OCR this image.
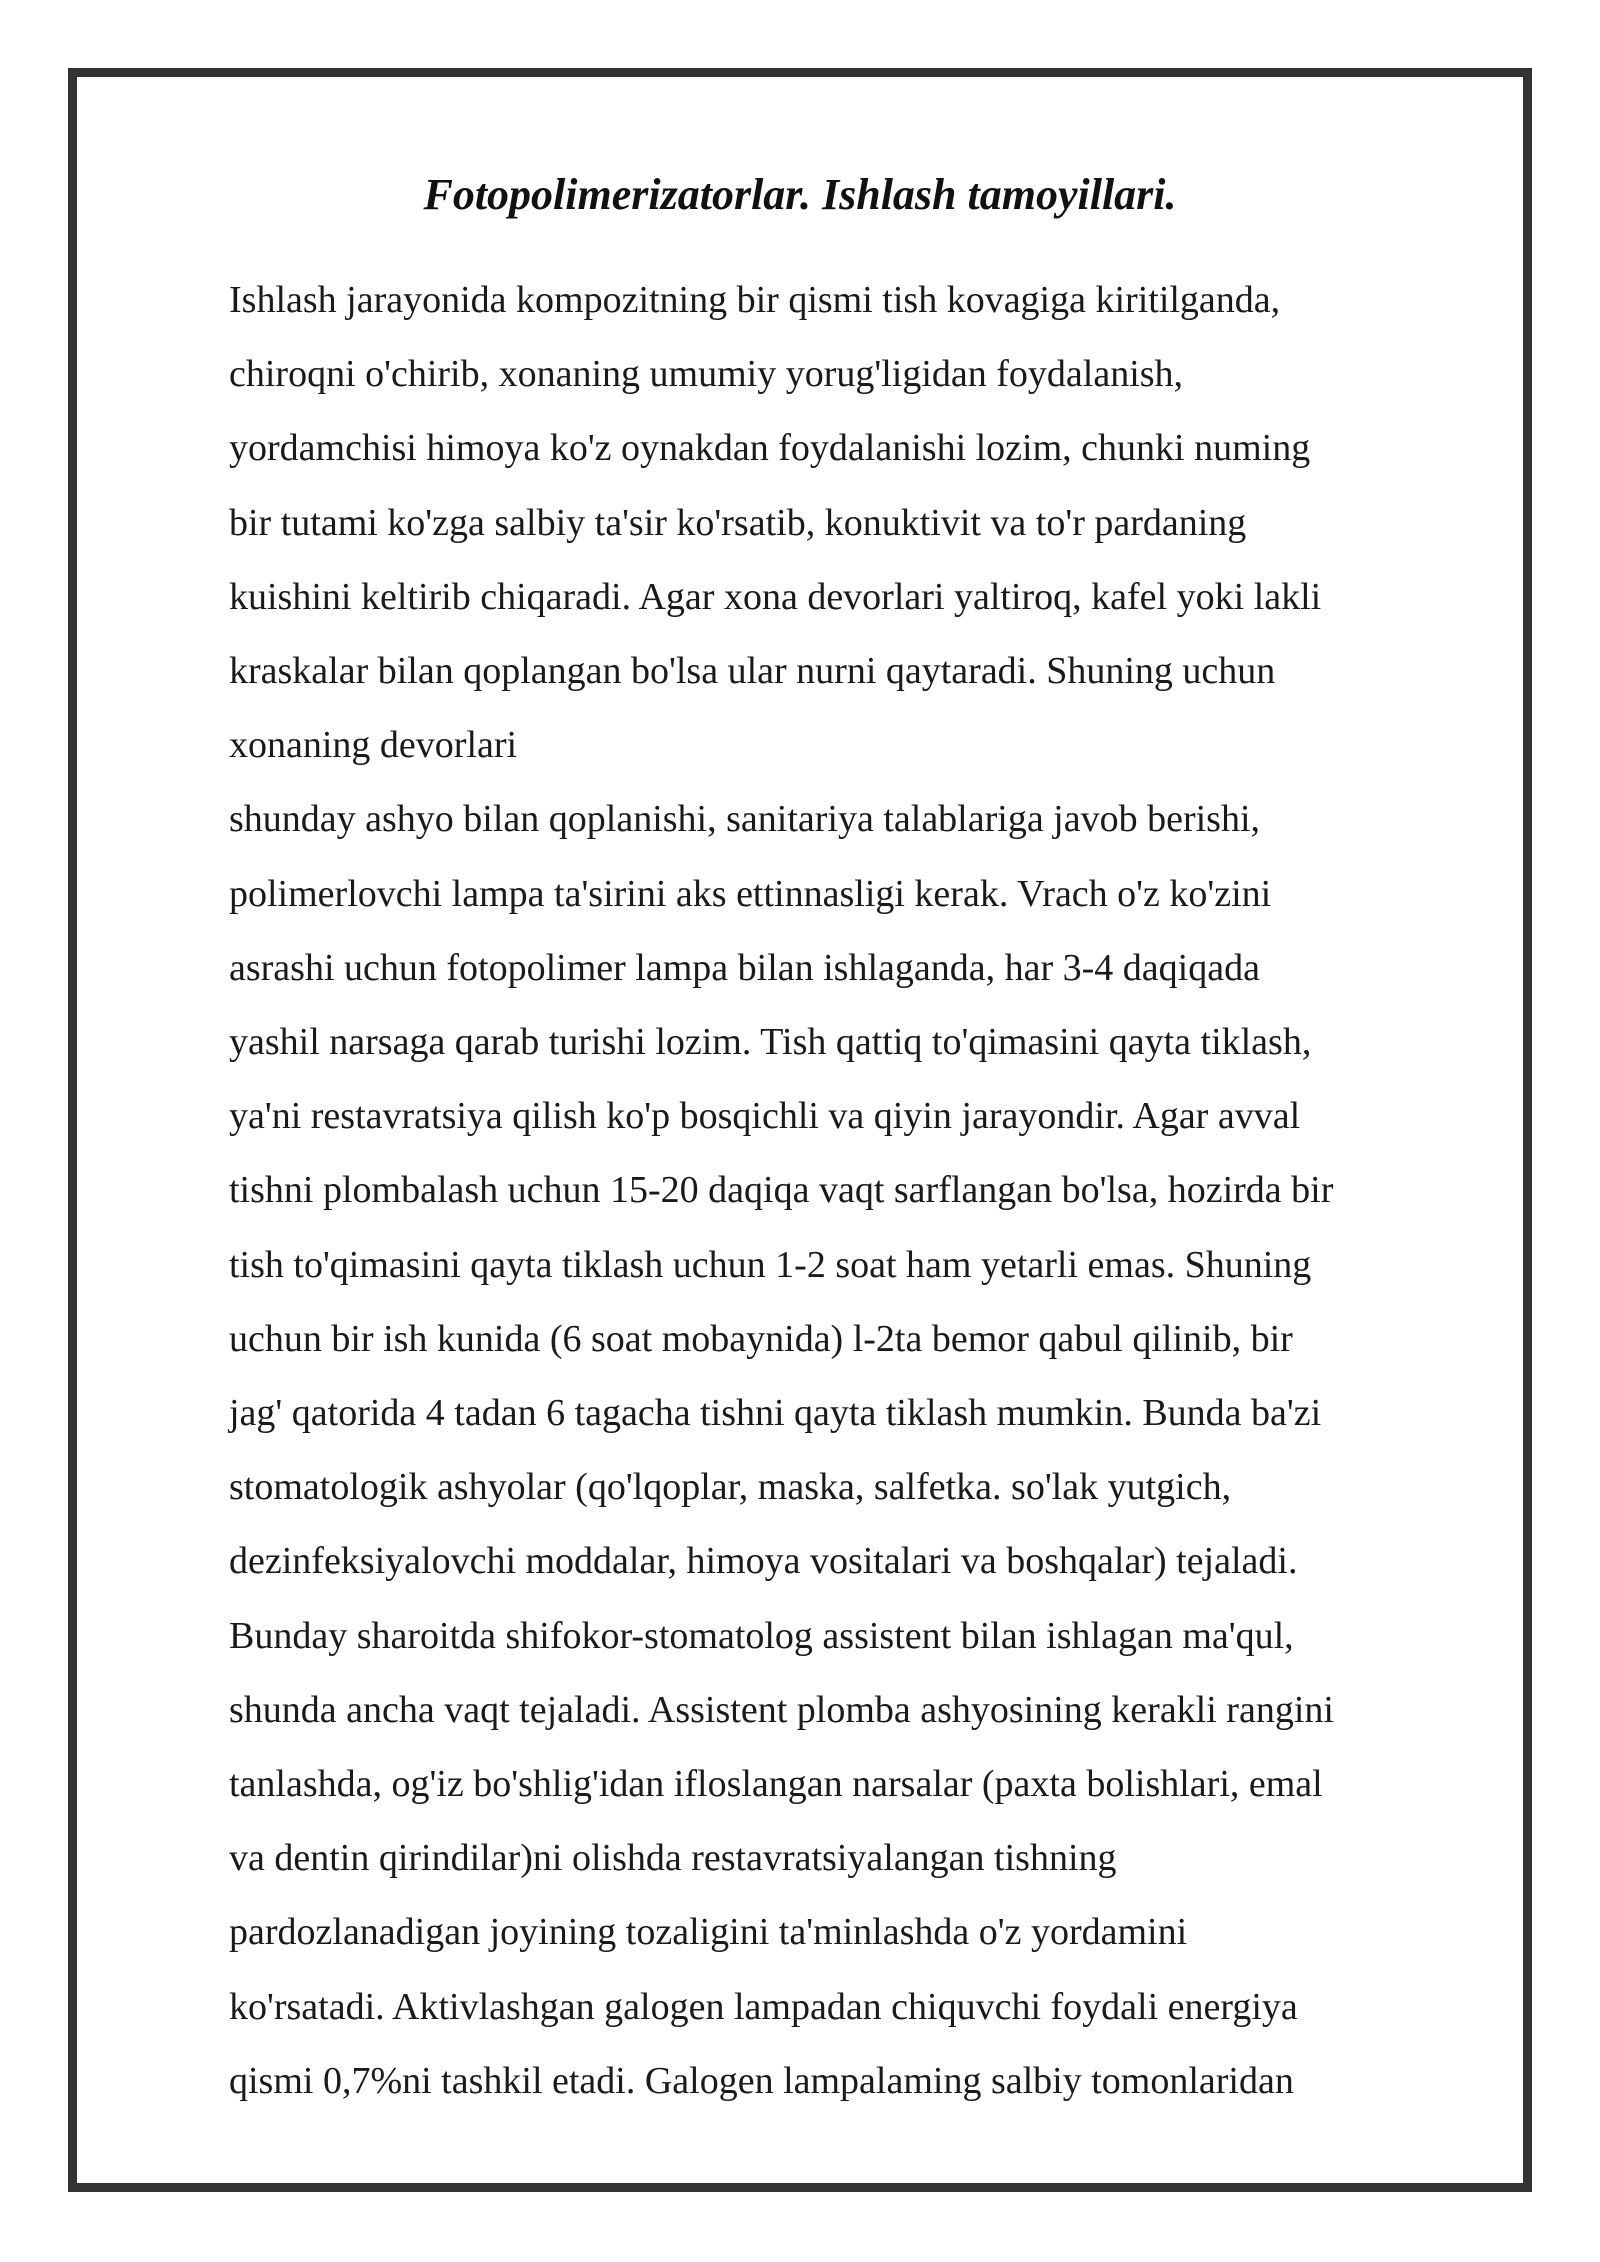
Fotopolimerizatorlar. Ishlash tamoyillari.
Ishlash jarayonida kompozitning bir qismi tish kovagiga kiritilganda,
chiroqni o'chirib, xonaning umumiy yorug'ligidan foydalanish,
yordamchisi himoya ko'z oynakdan foydalanishi lozim, chunki numing
bir tutami ko'zga salbiy ta'sir ko'rsatib, konuktivit va to'r pardaning
kuishini keltirib chiqaradi. Agar xona devorlari yaltiroq, kafel yoki lakli
kraskalar bilan qoplangan bo'lsa ular nurni qaytaradi. Shuning uchun
xonaning devorlari
shunday ashyo bilan qoplanishi, sanitariya talablariga javob berishi,
polimerlovchi lampa ta'sirini aks ettinnasligi kerak. Vrach o'z ko'zini
asrashi uchun fotopolimer lampa bilan ishlaganda, har 3-4 daqiqada
yashil narsaga qarab turishi lozim. Tish qattiq to'qimasini qayta tiklash,
ya'ni restavratsiya qilish ko'p bosqichli va qiyin jarayondir. Agar avval
tishni plombalash uchun 15-20 daqiqa vaqt sarflangan bo'lsa, hozirda bir
tish to'qimasini qayta tiklash uchun 1-2 soat ham yetarli emas. Shuning
uchun bir ish kunida (6 soat mobaynida) l-2ta bemor qabul qilinib, bir
jag' qatorida 4 tadan 6 tagacha tishni qayta tiklash mumkin. Bunda ba'zi
stomatologik ashyolar (qo'lqoplar, maska, salfetka. so'lak yutgich,
dezinfeksiyalovchi moddalar, himoya vositalari va boshqalar) tejaladi.
Bunday sharoitda shifokor-stomatolog assistent bilan ishlagan ma'qul,
shunda ancha vaqt tejaladi. Assistent plomba ashyosining kerakli rangini
tanlashda, og'iz bo'shlig'idan ifloslangan narsalar (paxta bolishlari, emal
va dentin qirindilar)ni olishda restavratsiyalangan tishning
pardozlanadigan joyining tozaligini ta'minlashda o'z yordamini
ko'rsatadi. Aktivlashgan galogen lampadan chiquvchi foydali energiya
qismi 0,7%ni tashkil etadi. Galogen lampalaming salbiy tomonlaridan
